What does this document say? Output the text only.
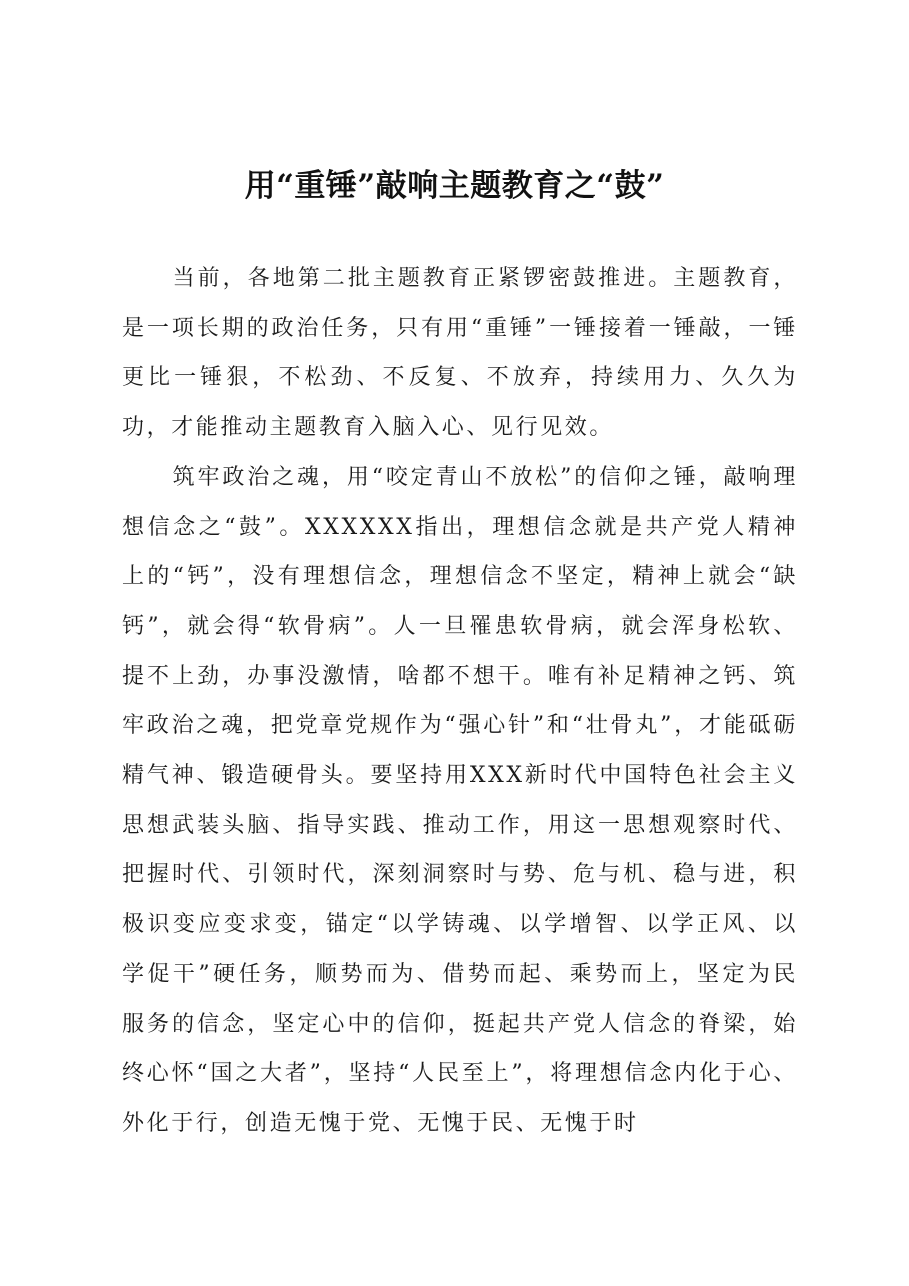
用“重锤”敲响主题教育之“鼓”

当前，各地第二批主题教育正紧锣密鼓推进。主题教育，是一项长期的政治任务，只有用“重锤”一锤接着一锤敲，一锤更比一锤狠，不松劲、不反复、不放弃，持续用力、久久为功，才能推动主题教育入脑入心、见行见效。

筑牢政治之魂，用“咬定青山不放松”的信仰之锤，敲响理想信念之“鼓”。XXXXXX指出，理想信念就是共产党人精神上的“钙”，没有理想信念，理想信念不坚定，精神上就会“缺钙”，就会得“软骨病”。人一旦罹患软骨病，就会浑身松软、提不上劲，办事没激情，啥都不想干。唯有补足精神之钙、筑牢政治之魂，把党章党规作为“强心针”和“壮骨丸”，才能砥砺精气神、锻造硬骨头。要坚持用XXX新时代中国特色社会主义思想武装头脑、指导实践、推动工作，用这一思想观察时代、把握时代、引领时代，深刻洞察时与势、危与机、稳与进，积极识变应变求变，锚定“以学铸魂、以学增智、以学正风、以学促干”硬任务，顺势而为、借势而起、乘势而上，坚定为民服务的信念，坚定心中的信仰，挺起共产党人信念的脊梁，始终心怀“国之大者”，坚持“人民至上”，将理想信念内化于心、外化于行，创造无愧于党、无愧于民、无愧于时
